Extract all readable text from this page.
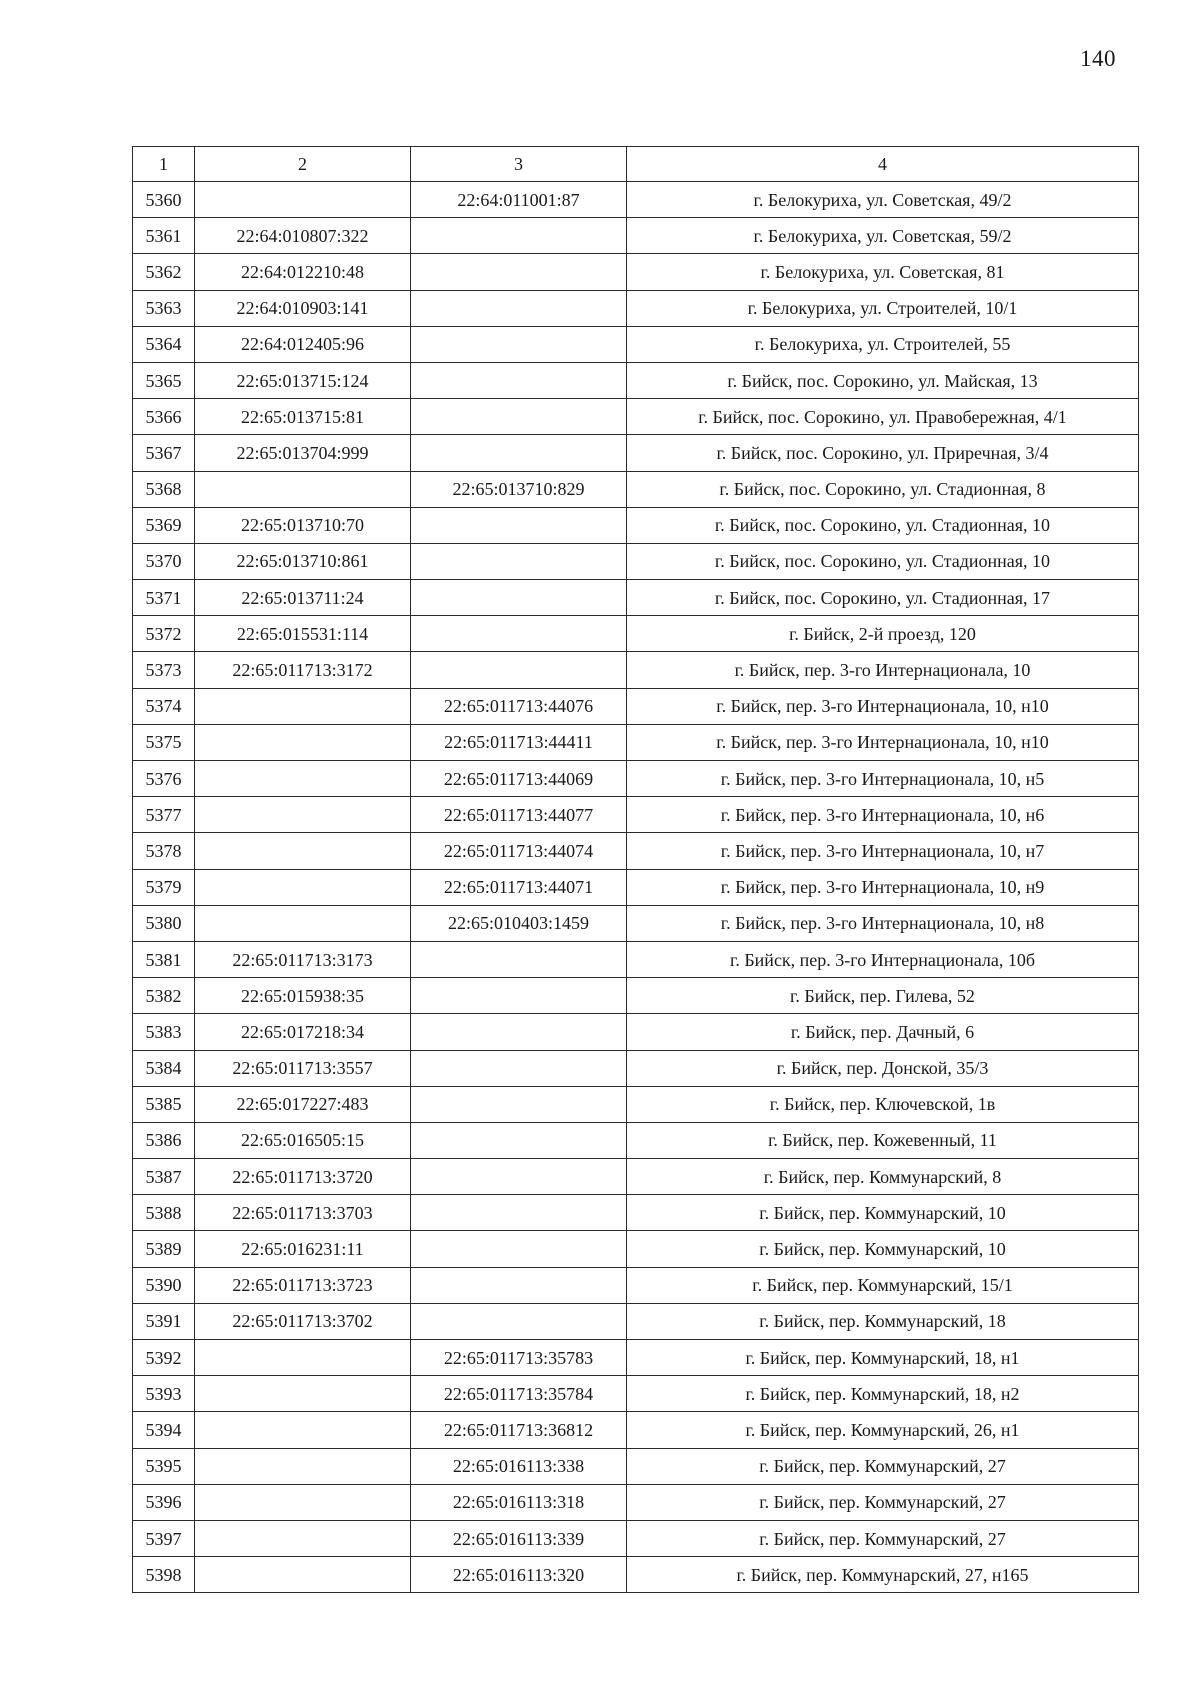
140
1	2	3	4
5360		22:64:011001:87	г. Белокуриха, ул. Советская, 49/2
5361	22:64:010807:322		г. Белокуриха, ул. Советская, 59/2
5362	22:64:012210:48		г. Белокуриха, ул. Советская, 81
5363	22:64:010903:141		г. Белокуриха, ул. Строителей, 10/1
5364	22:64:012405:96		г. Белокуриха, ул. Строителей, 55
5365	22:65:013715:124		г. Бийск, пос. Сорокино, ул. Майская, 13
5366	22:65:013715:81		г. Бийск, пос. Сорокино, ул. Правобережная, 4/1
5367	22:65:013704:999		г. Бийск, пос. Сорокино, ул. Приречная, 3/4
5368		22:65:013710:829	г. Бийск, пос. Сорокино, ул. Стадионная, 8
5369	22:65:013710:70		г. Бийск, пос. Сорокино, ул. Стадионная, 10
5370	22:65:013710:861		г. Бийск, пос. Сорокино, ул. Стадионная, 10
5371	22:65:013711:24		г. Бийск, пос. Сорокино, ул. Стадионная, 17
5372	22:65:015531:114		г. Бийск, 2-й проезд, 120
5373	22:65:011713:3172		г. Бийск, пер. 3-го Интернационала, 10
5374		22:65:011713:44076	г. Бийск, пер. 3-го Интернационала, 10, н10
5375		22:65:011713:44411	г. Бийск, пер. 3-го Интернационала, 10, н10
5376		22:65:011713:44069	г. Бийск, пер. 3-го Интернационала, 10, н5
5377		22:65:011713:44077	г. Бийск, пер. 3-го Интернационала, 10, н6
5378		22:65:011713:44074	г. Бийск, пер. 3-го Интернационала, 10, н7
5379		22:65:011713:44071	г. Бийск, пер. 3-го Интернационала, 10, н9
5380		22:65:010403:1459	г. Бийск, пер. 3-го Интернационала, 10, н8
5381	22:65:011713:3173		г. Бийск, пер. 3-го Интернационала, 10б
5382	22:65:015938:35		г. Бийск, пер. Гилева, 52
5383	22:65:017218:34		г. Бийск, пер. Дачный, 6
5384	22:65:011713:3557		г. Бийск, пер. Донской, 35/3
5385	22:65:017227:483		г. Бийск, пер. Ключевской, 1в
5386	22:65:016505:15		г. Бийск, пер. Кожевенный, 11
5387	22:65:011713:3720		г. Бийск, пер. Коммунарский, 8
5388	22:65:011713:3703		г. Бийск, пер. Коммунарский, 10
5389	22:65:016231:11		г. Бийск, пер. Коммунарский, 10
5390	22:65:011713:3723		г. Бийск, пер. Коммунарский, 15/1
5391	22:65:011713:3702		г. Бийск, пер. Коммунарский, 18
5392		22:65:011713:35783	г. Бийск, пер. Коммунарский, 18, н1
5393		22:65:011713:35784	г. Бийск, пер. Коммунарский, 18, н2
5394		22:65:011713:36812	г. Бийск, пер. Коммунарский, 26, н1
5395		22:65:016113:338	г. Бийск, пер. Коммунарский, 27
5396		22:65:016113:318	г. Бийск, пер. Коммунарский, 27
5397		22:65:016113:339	г. Бийск, пер. Коммунарский, 27
5398		22:65:016113:320	г. Бийск, пер. Коммунарский, 27, н165
